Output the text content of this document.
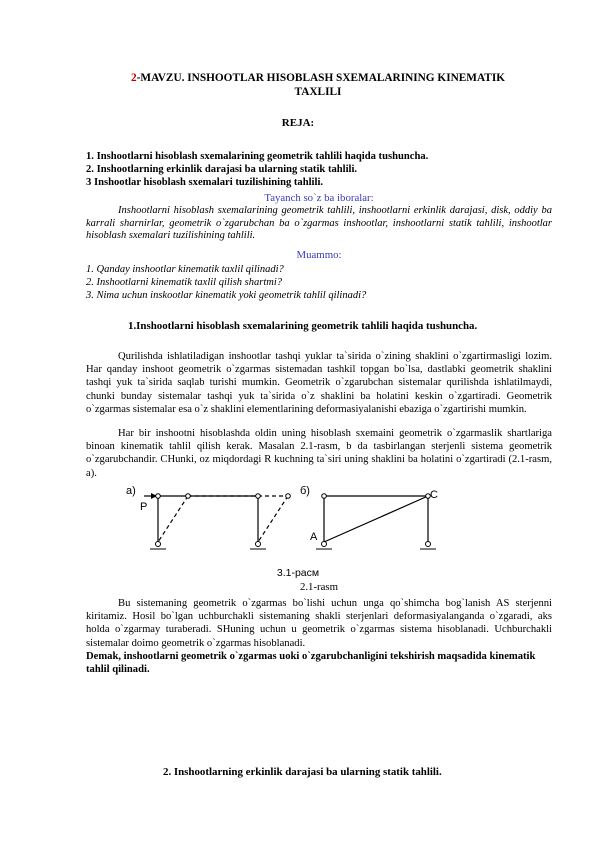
2-MAVZU. INSHOOTLAR HISOBLASH SXEMALARINING KINEMATIK
TAXLILI
REJA:
1. Inshootlarni hisoblash sxemalarining geometrik tahlili haqida tushuncha.
2. Inshootlarning erkinlik darajasi ba ularning statik tahlili.
3 Inshootlar hisoblash sxemalari tuzilishining tahlili.
Tayanch so`z ba iboralar:
Inshootlarni hisoblash sxemalarining geometrik tahlili, inshootlarni erkinlik darajasi, disk, oddiy ba karrali sharnirlar, geometrik o`zgarubchan ba o`zgarmas inshootlar, inshootlarni statik tahlili, inshootlar hisoblash sxemalari tuzilishining tahlili.
Muammo:
1. Qanday inshootlar kinematik taxlil qilinadi?
2. Inshootlarni kinematik taxlil qilish shartmi?
3. Nima uchun inskootlar kinematik yoki geometrik tahlil qilinadi?
1.Inshootlarni hisoblash sxemalarining geometrik tahlili haqida tushuncha.
Qurilishda ishlatiladigan inshootlar tashqi yuklar ta`sirida o`zining shaklini o`zgartirmasligi lozim. Har qanday inshoot geometrik o`zgarmas sistemadan tashkil topgan bo`lsa, dastlabki geometrik shaklini tashqi yuk ta`sirida saqlab turishi mumkin. Geometrik o`zgarubchan sistemalar qurilishda ishlatilmaydi, chunki bunday sistemalar tashqi yuk ta`sirida o`z shaklini ba holatini keskin o`zgartiradi. Geometrik o`zgarmas sistemalar esa o`z shaklini elementlarining deformasiyalanishi ebaziga o`zgartirishi mumkin.
Har bir inshootni hisoblashda oldin uning hisoblash sxemaini geometrik o`zgarmaslik shartlariga binoan kinematik tahlil qilish kerak. Masalan 2.1-rasm, b da tasbirlangan sterjenli sistema geometrik o`zgarubchandir. CHunki, oz miqdordagi R kuchning ta`siri uning shaklini ba holatini o`zgartiradi (2.1-rasm, a).
а)
P
б)	C
A
3.1-расм
2.1-rasm
Bu sistemaning geometrik o`zgarmas bo`lishi uchun unga qo`shimcha bog`lanish AS sterjenni kiritamiz. Hosil bo`lgan uchburchakli sistemaning shakli sterjenlari deformasiyalanganda o`zgaradi, aks holda o`zgarmay turaberadi. SHuning uchun u geometrik o`zgarmas sistema hisoblanadi. Uchburchakli sistemalar doimo geometrik o`zgarmas hisoblanadi.
Demak, inshootlarni geometrik o`zgarmas uoki o`zgarubchanligini tekshirish maqsadida kinematik tahlil qilinadi.
2. Inshootlarning erkinlik darajasi ba ularning statik tahlili.
